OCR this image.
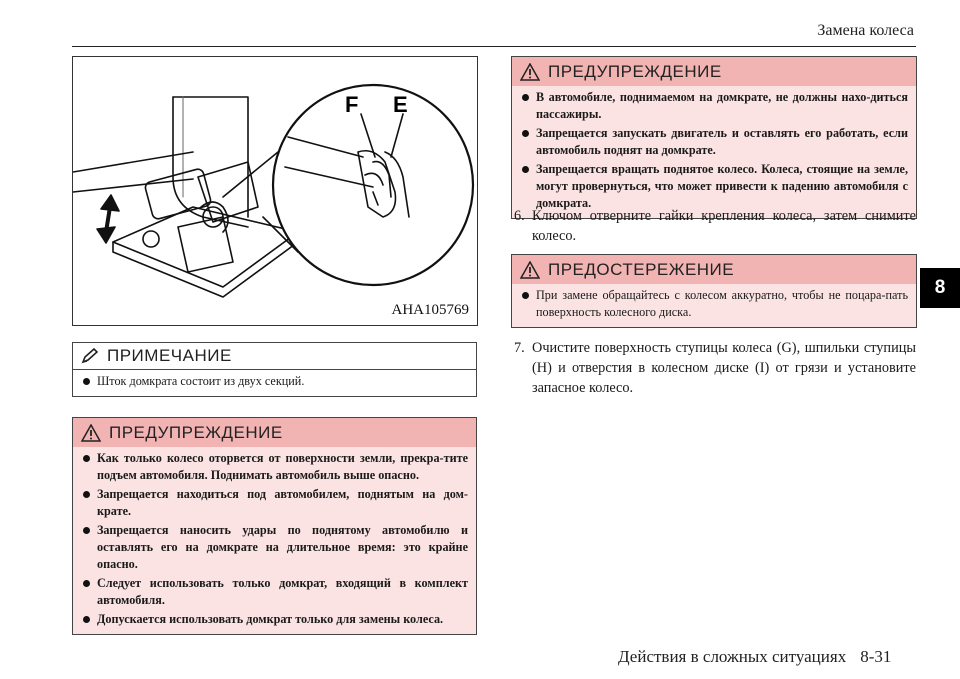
Замена колеса
8
F E
AHA105769
ПРИМЕЧАНИЕ
Шток домкрата состоит из двух секций.
ПРЕДУПРЕЖДЕНИЕ
Как только колесо оторвется от поверхности земли, прекра-тите подъем автомобиля. Поднимать автомобиль выше опасно.
Запрещается находиться под автомобилем, поднятым на дом-крате.
Запрещается наносить удары по поднятому автомобилю и оставлять его на домкрате на длительное время: это крайне опасно.
Следует использовать только домкрат, входящий в комплект автомобиля.
Допускается использовать домкрат только для замены колеса.
ПРЕДУПРЕЖДЕНИЕ
В автомобиле, поднимаемом на домкрате, не должны нахо-диться пассажиры.
Запрещается запускать двигатель и оставлять его работать, если автомобиль поднят на домкрате.
Запрещается вращать поднятое колесо. Колеса, стоящие на земле, могут провернуться, что может привести к падению автомобиля с домкрата.
6. Ключом отверните гайки крепления колеса, затем снимите колесо.
ПРЕДОСТЕРЕЖЕНИЕ
При замене обращайтесь с колесом аккуратно, чтобы не поцара-пать поверхность колесного диска.
7. Очистите поверхность ступицы колеса (G), шпильки ступицы (H) и отверстия в колесном диске (I) от грязи и установите запасное колесо.
Действия в сложных ситуациях 8-31
